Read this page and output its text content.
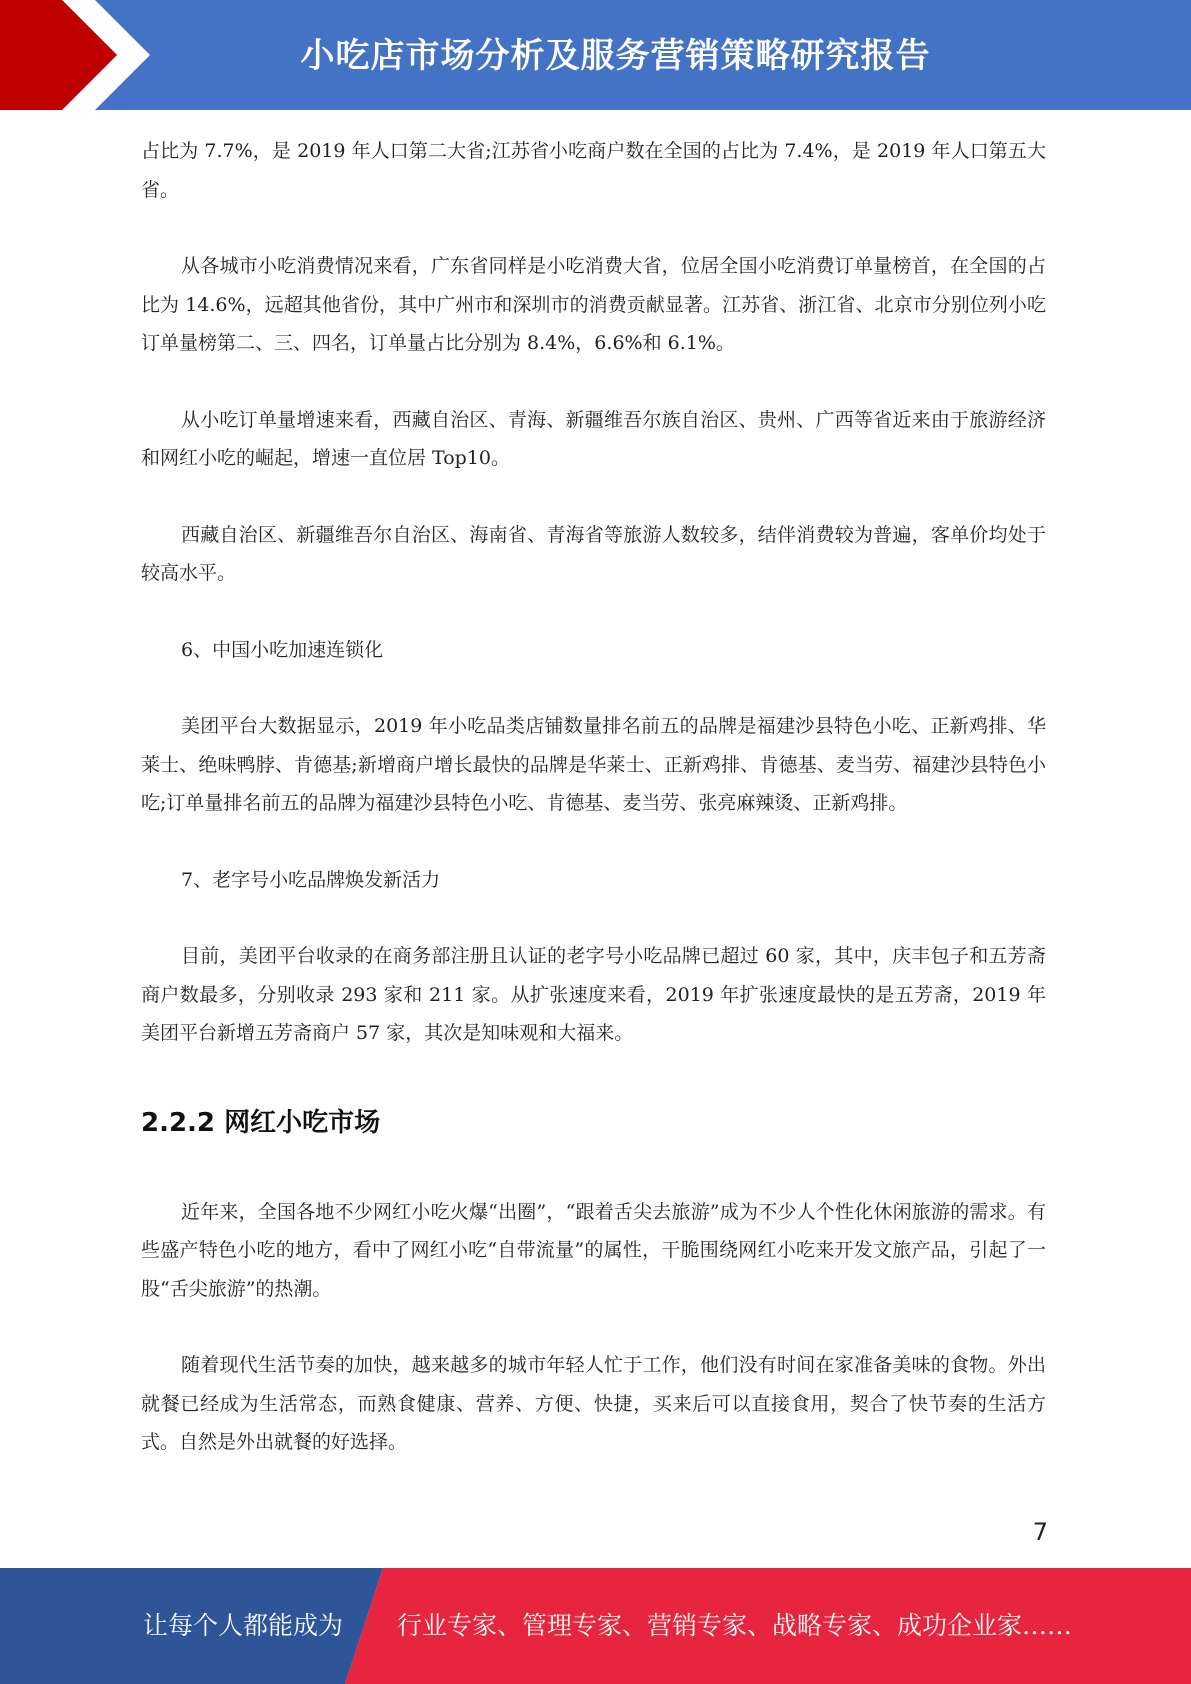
小吃店市场分析及服务营销策略研究报告

占比为 7.7%，是 2019 年人口第二大省;江苏省小吃商户数在全国的占比为 7.4%，是 2019 年人口第五大省。

从各城市小吃消费情况来看，广东省同样是小吃消费大省，位居全国小吃消费订单量榜首，在全国的占比为 14.6%，远超其他省份，其中广州市和深圳市的消费贡献显著。江苏省、浙江省、北京市分别位列小吃订单量榜第二、三、四名，订单量占比分别为 8.4%，6.6%和 6.1%。

从小吃订单量增速来看，西藏自治区、青海、新疆维吾尔族自治区、贵州、广西等省近来由于旅游经济和网红小吃的崛起，增速一直位居 Top10。

西藏自治区、新疆维吾尔自治区、海南省、青海省等旅游人数较多，结伴消费较为普遍，客单价均处于较高水平。

6、中国小吃加速连锁化

美团平台大数据显示，2019 年小吃品类店铺数量排名前五的品牌是福建沙县特色小吃、正新鸡排、华莱士、绝味鸭脖、肯德基;新增商户增长最快的品牌是华莱士、正新鸡排、肯德基、麦当劳、福建沙县特色小吃;订单量排名前五的品牌为福建沙县特色小吃、肯德基、麦当劳、张亮麻辣烫、正新鸡排。

7、老字号小吃品牌焕发新活力

目前，美团平台收录的在商务部注册且认证的老字号小吃品牌已超过 60 家，其中，庆丰包子和五芳斋商户数最多，分别收录 293 家和 211 家。从扩张速度来看，2019 年扩张速度最快的是五芳斋，2019 年美团平台新增五芳斋商户 57 家，其次是知味观和大福来。

2.2.2 网红小吃市场

近年来，全国各地不少网红小吃火爆“出圈”，“跟着舌尖去旅游”成为不少人个性化休闲旅游的需求。有些盛产特色小吃的地方，看中了网红小吃“自带流量”的属性，干脆围绕网红小吃来开发文旅产品，引起了一股“舌尖旅游”的热潮。

随着现代生活节奏的加快，越来越多的城市年轻人忙于工作，他们没有时间在家准备美味的食物。外出就餐已经成为生活常态，而熟食健康、营养、方便、快捷，买来后可以直接食用，契合了快节奏的生活方式。自然是外出就餐的好选择。

7
让每个人都能成为 行业专家、管理专家、营销专家、战略专家、成功企业家……
